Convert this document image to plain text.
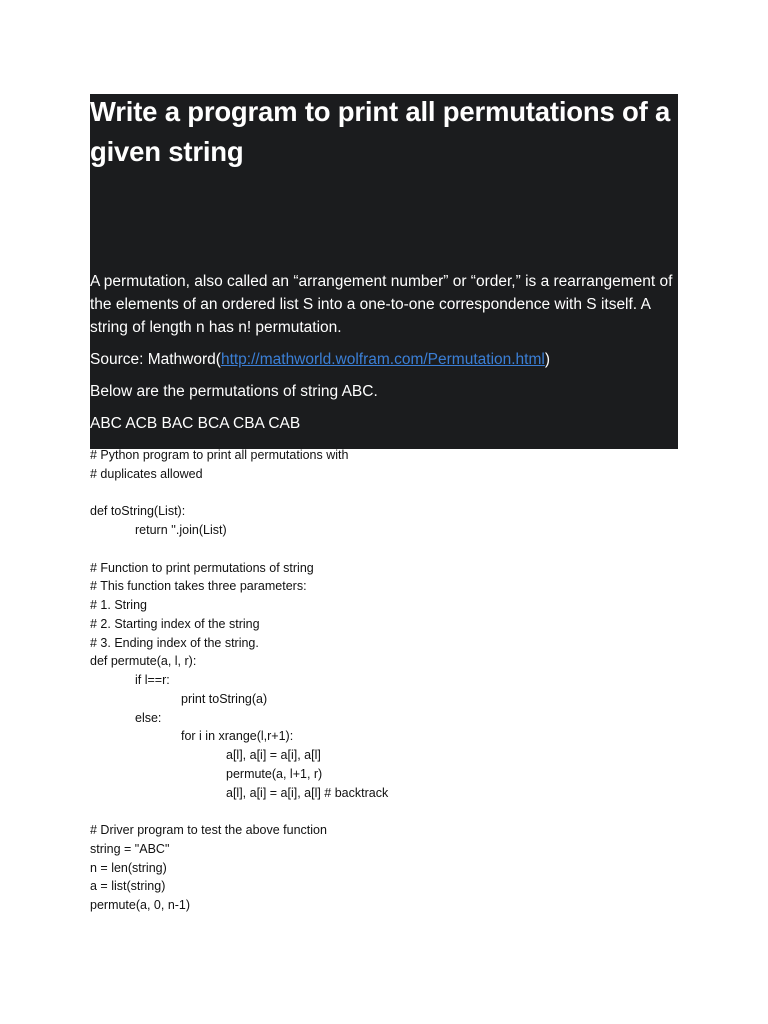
Write a program to print all permutations of a given string

A permutation, also called an “arrangement number” or “order,” is a rearrangement of the elements of an ordered list S into a one-to-one correspondence with S itself. A string of length n has n! permutation.

Source: Mathword(http://mathworld.wolfram.com/Permutation.html)

Below are the permutations of string ABC.

ABC ACB BAC BCA CBA CAB

# Python program to print all permutations with
# duplicates allowed
def toString(List):
return ''.join(List)
# Function to print permutations of string
# This function takes three parameters:
# 1. String
# 2. Starting index of the string
# 3. Ending index of the string.
def permute(a, l, r):
if l==r:
print toString(a)
else:
for i in xrange(l,r+1):
a[l], a[i] = a[i], a[l]
permute(a, l+1, r)
a[l], a[i] = a[i], a[l] # backtrack
# Driver program to test the above function
string = "ABC"
n = len(string)
a = list(string)
permute(a, 0, n-1)
